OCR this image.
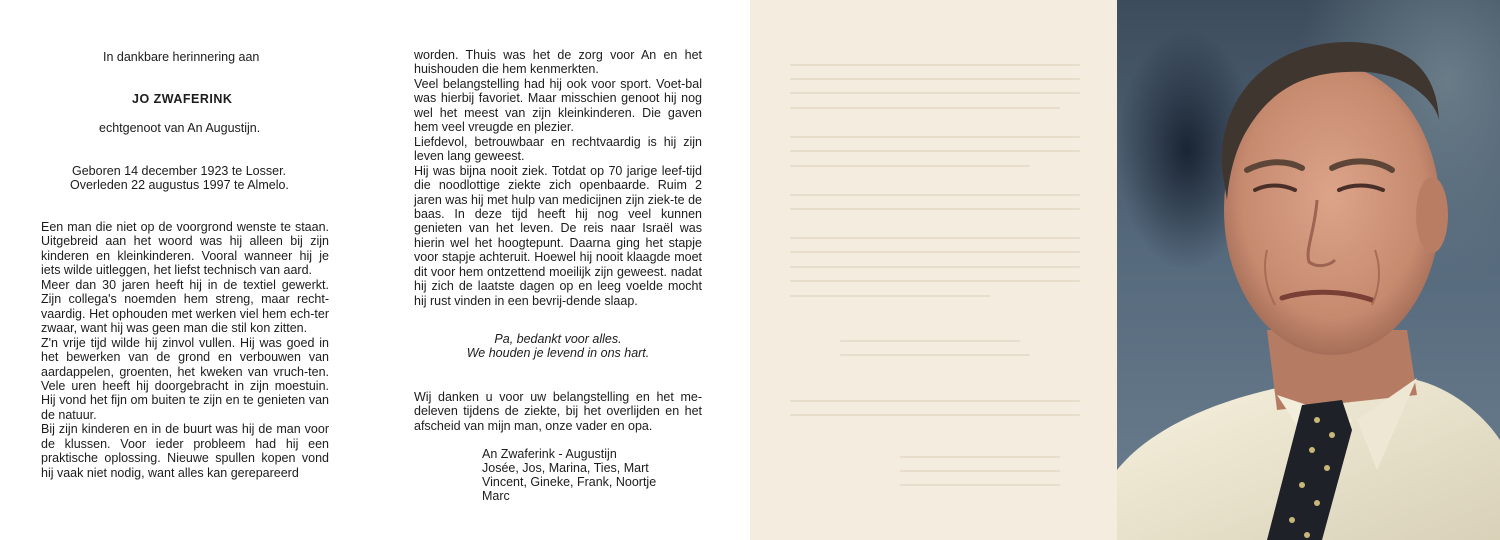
In dankbare herinnering aan
JO ZWAFERINK
echtgenoot van An Augustijn.
Geboren 14 december 1923 te Losser.
Overleden 22 augustus 1997 te Almelo.

Een man die niet op de voorgrond wenste te staan. Uitgebreid aan het woord was hij alleen bij zijn kinderen en kleinkinderen. Vooral wanneer hij je iets wilde uitleggen, het liefst technisch van aard.

Meer dan 30 jaren heeft hij in de textiel gewerkt. Zijn collega's noemden hem streng, maar recht-vaardig. Het ophouden met werken viel hem ech-ter zwaar, want hij was geen man die stil kon zitten.

Z'n vrije tijd wilde hij zinvol vullen. Hij was goed in het bewerken van de grond en verbouwen van aardappelen, groenten, het kweken van vruch-ten. Vele uren heeft hij doorgebracht in zijn moestuin. Hij vond het fijn om buiten te zijn en te genieten van de natuur.

Bij zijn kinderen en in de buurt was hij de man voor de klussen. Voor ieder probleem had hij een praktische oplossing. Nieuwe spullen kopen vond hij vaak niet nodig, want alles kan gerepareerd

worden. Thuis was het de zorg voor An en het huishouden die hem kenmerkten.

Veel belangstelling had hij ook voor sport. Voet-bal was hierbij favoriet. Maar misschien genoot hij nog wel het meest van zijn kleinkinderen. Die gaven hem veel vreugde en plezier.

Liefdevol, betrouwbaar en rechtvaardig is hij zijn leven lang geweest.

Hij was bijna nooit ziek. Totdat op 70 jarige leef-tijd die noodlottige ziekte zich openbaarde. Ruim 2 jaren was hij met hulp van medicijnen zijn ziek-te de baas. In deze tijd heeft hij nog veel kunnen genieten van het leven. De reis naar Israël was hierin wel het hoogtepunt. Daarna ging het stapje voor stapje achteruit. Hoewel hij nooit klaagde moet dit voor hem ontzettend moeilijk zijn geweest. nadat hij zich de laatste dagen op en leeg voelde mocht hij rust vinden in een bevrij-dende slaap.

Pa, bedankt voor alles.
We houden je levend in ons hart.

Wij danken u voor uw belangstelling en het me-deleven tijdens de ziekte, bij het overlijden en het afscheid van mijn man, onze vader en opa.

An Zwaferink - Augustijn
Josée, Jos, Marina, Ties, Mart
Vincent, Gineke, Frank, Noortje
Marc
